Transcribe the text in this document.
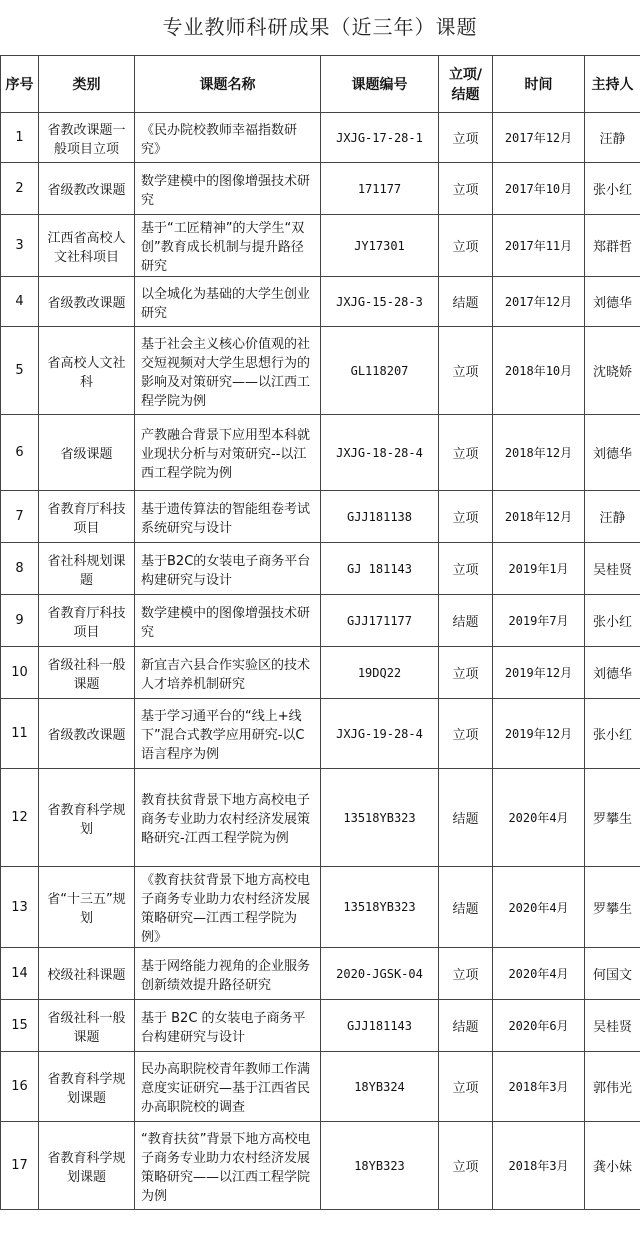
专业教师科研成果（近三年）课题
序号	类别	课题名称	课题编号	立项/结题	时间	主持人
1	省教改课题一般项目立项	《民办院校教师幸福指数研究》	JXJG-17-28-1	立项	2017年12月	汪静
2	省级教改课题	数学建模中的图像增强技术研究	171177	立项	2017年10月	张小红
3	江西省高校人文社科项目	基于“工匠精神”的大学生“双创”教育成长机制与提升路径研究	JY17301	立项	2017年11月	郑群哲
4	省级教改课题	以全城化为基础的大学生创业研究	JXJG-15-28-3	结题	2017年12月	刘德华
5	省高校人文社科	基于社会主义核心价值观的社交短视频对大学生思想行为的影响及对策研究——以江西工程学院为例	GL118207	立项	2018年10月	沈晓娇
6	省级课题	产教融合背景下应用型本科就业现状分析与对策研究--以江西工程学院为例	JXJG-18-28-4	立项	2018年12月	刘德华
7	省教育厅科技项目	基于遗传算法的智能组卷考试系统研究与设计	GJJ181138	立项	2018年12月	汪静
8	省社科规划课题	基于B2C的女装电子商务平台构建研究与设计	GJ 181143	立项	2019年1月	吴桂贤
9	省教育厅科技项目	数学建模中的图像增强技术研究	GJJ171177	结题	2019年7月	张小红
10	省级社科一般课题	新宜吉六县合作实验区的技术人才培养机制研究	19DQ22	立项	2019年12月	刘德华
11	省级教改课题	基于学习通平台的“线上+线下”混合式教学应用研究-以C语言程序为例	JXJG-19-28-4	立项	2019年12月	张小红
12	省教育科学规划	教育扶贫背景下地方高校电子商务专业助力农村经济发展策略研究-江西工程学院为例	13518YB323	结题	2020年4月	罗攀生
13	省“十三五”规划	《教育扶贫背景下地方高校电子商务专业助力农村经济发展策略研究—江西工程学院为例》	13518YB323	结题	2020年4月	罗攀生
14	校级社科课题	基于网络能力视角的企业服务创新绩效提升路径研究	2020-JGSK-04	立项	2020年4月	何国文
15	省级社科一般课题	基于 B2C 的女装电子商务平台构建研究与设计	GJJ181143	结题	2020年6月	吴桂贤
16	省教育科学规划课题	民办高职院校青年教师工作满意度实证研究—基于江西省民办高职院校的调查	18YB324	立项	2018年3月	郭伟光
17	省教育科学规划课题	“教育扶贫”背景下地方高校电子商务专业助力农村经济发展策略研究——以江西工程学院为例	18YB323	立项	2018年3月	龚小妹
